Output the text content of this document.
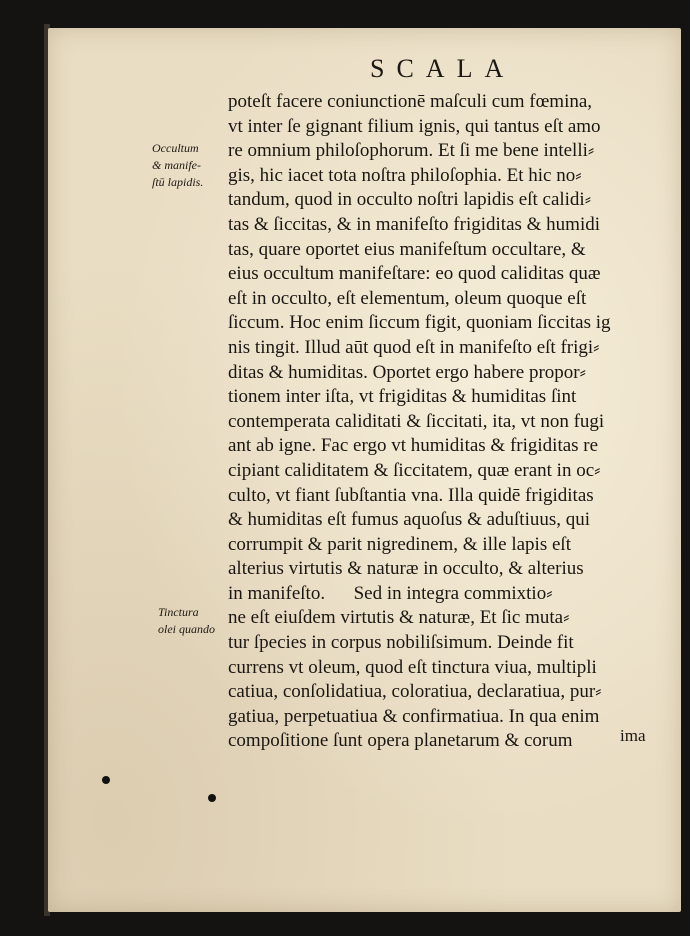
SCALA
poteſt facere coniunctionē maſculi cum fœmina,
vt inter ſe gignant filium ignis, qui tantus eſt amo
re omnium philoſophorum. Et ſi me bene intelli⸗
gis, hic iacet tota noſtra philoſophia. Et hic no⸗
tandum, quod in occulto noſtri lapidis eſt calidi⸗
tas & ſiccitas, & in manifeſto frigiditas & humidi
tas, quare oportet eius manifeſtum occultare, &
eius occultum manifeſtare: eo quod caliditas quæ
eſt in occulto, eſt elementum, oleum quoque eſt
ſiccum. Hoc enim ſiccum figit, quoniam ſiccitas ig
nis tingit. Illud aūt quod eſt in manifeſto eſt frigi⸗
ditas & humiditas. Oportet ergo habere propor⸗
tionem inter iſta, vt frigiditas & humiditas ſint
contemperata caliditati & ſiccitati, ita, vt non fugi
ant ab igne. Fac ergo vt humiditas & frigiditas re
cipiant caliditatem & ſiccitatem, quæ erant in oc⸗
culto, vt fiant ſubſtantia vna. Illa quidē frigiditas
& humiditas eſt fumus aquoſus & aduſtiuus, qui
corrumpit & parit nigredinem, & ille lapis eſt
alterius virtutis & naturæ in occulto, & alterius
in manifeſto.      Sed in integra commixtio⸗
ne eſt eiuſdem virtutis & naturæ, Et ſic muta⸗
tur ſpecies in corpus nobiliſsimum. Deinde fit
currens vt oleum, quod eſt tinctura viua, multipli
catiua, conſolidatiua, coloratiua, declaratiua, pur⸗
gatiua, perpetuatiua & confirmatiua. In qua enim
compoſitione ſunt opera planetarum & corum	ima
Occultum
& manife-
ſtū lapidis.
Tinctura
olei quando
